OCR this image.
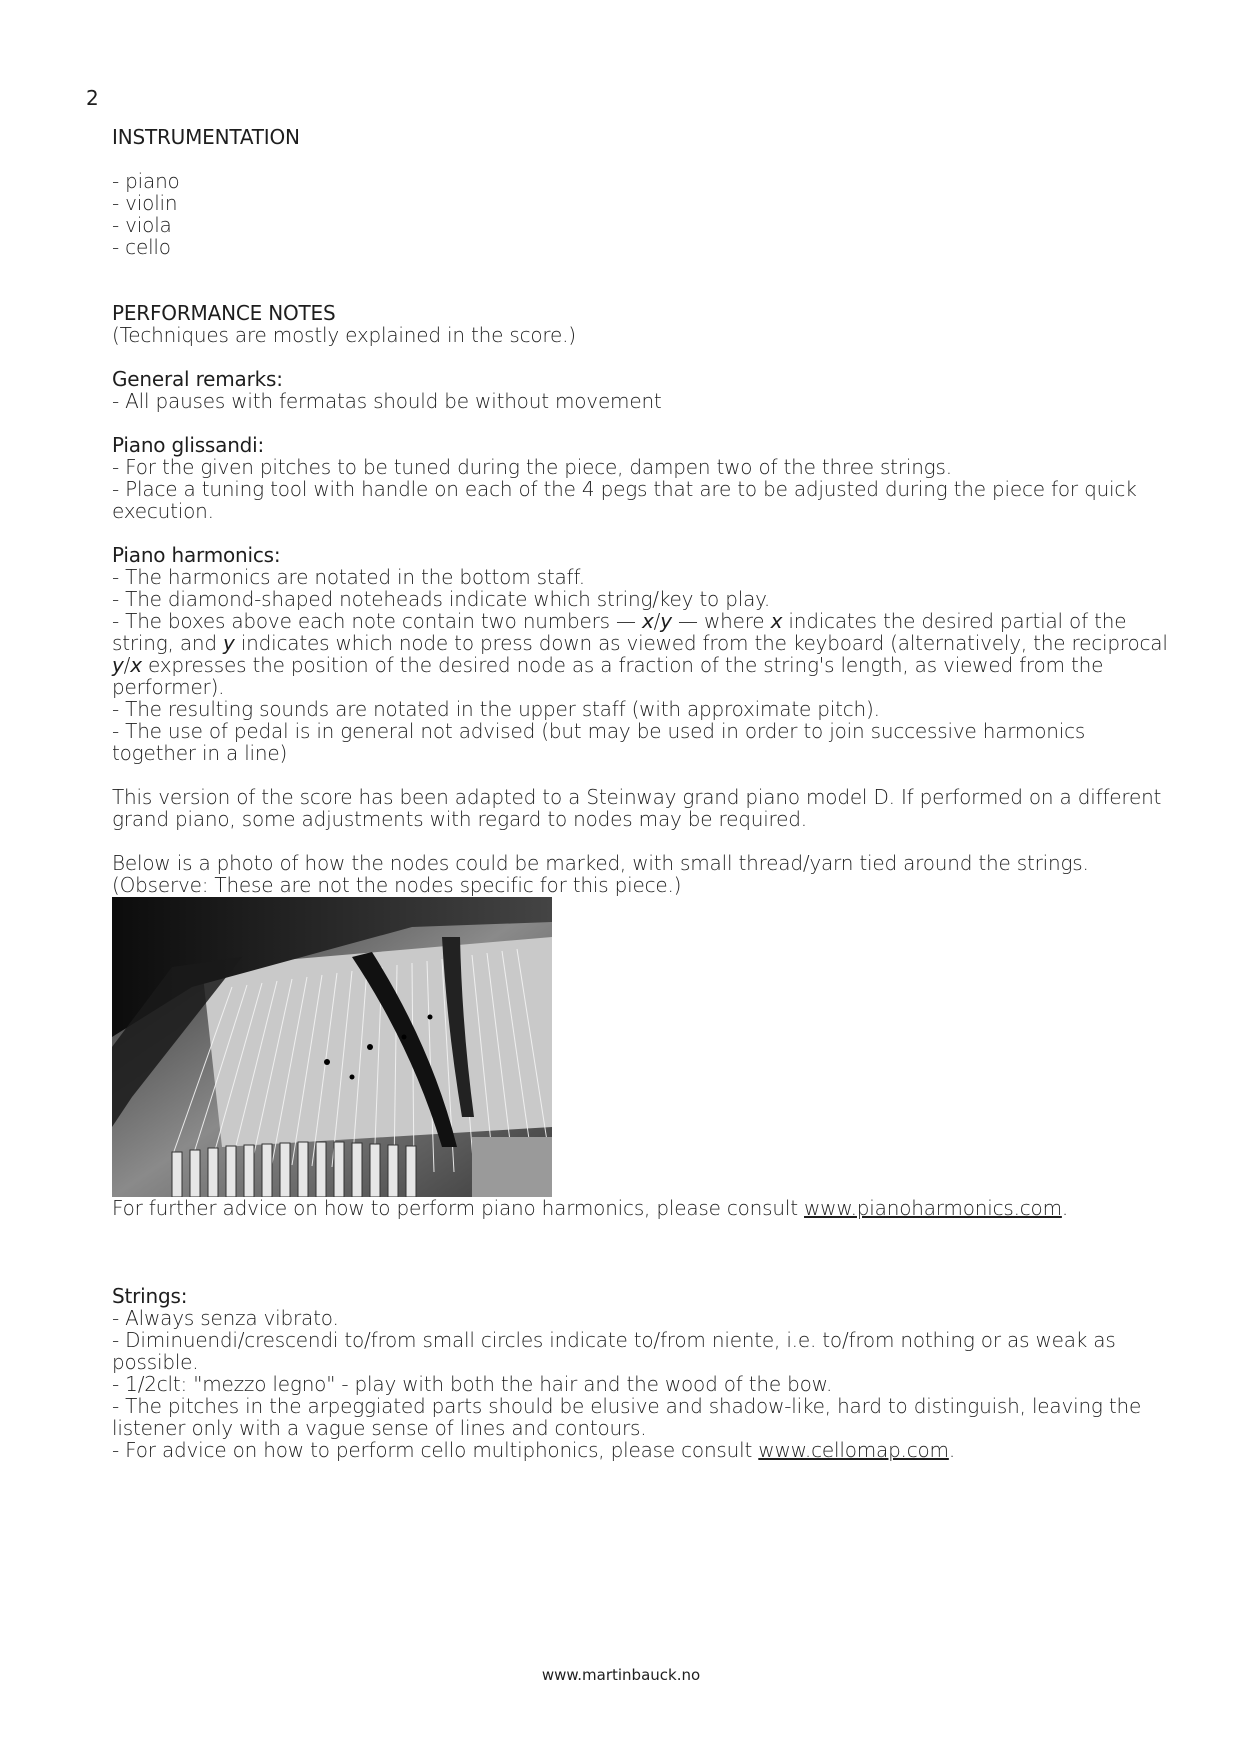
2

INSTRUMENTATION

- piano

- violin

- viola

- cello

PERFORMANCE NOTES

(Techniques are mostly explained in the score.)

General remarks:

- All pauses with fermatas should be without movement

Piano glissandi:

- For the given pitches to be tuned during the piece, dampen two of the three strings.

- Place a tuning tool with handle on each of the 4 pegs that are to be adjusted during the piece for quick execution.

Piano harmonics:

- The harmonics are notated in the bottom staff.

- The diamond-shaped noteheads indicate which string/key to play.

- The boxes above each note contain two numbers — x/y — where x indicates the desired partial of the string, and y indicates which node to press down as viewed from the keyboard (alternatively, the reciprocal y/x expresses the position of the desired node as a fraction of the string's length, as viewed from the performer).

- The resulting sounds are notated in the upper staff (with approximate pitch).

- The use of pedal is in general not advised (but may be used in order to join successive harmonics together in a line)

This version of the score has been adapted to a Steinway grand piano model D. If performed on a different grand piano, some adjustments with regard to nodes may be required.

Below is a photo of how the nodes could be marked, with small thread/yarn tied around the strings.

(Observe: These are not the nodes specific for this piece.)

For further advice on how to perform piano harmonics, please consult www.pianoharmonics.com.

Strings:

- Always senza vibrato.

- Diminuendi/crescendi to/from small circles indicate to/from niente, i.e. to/from nothing or as weak as possible.

- 1/2clt: "mezzo legno" - play with both the hair and the wood of the bow.

- The pitches in the arpeggiated parts should be elusive and shadow-like, hard to distinguish, leaving the listener only with a vague sense of lines and contours.

- For advice on how to perform cello multiphonics, please consult www.cellomap.com.

www.martinbauck.no
